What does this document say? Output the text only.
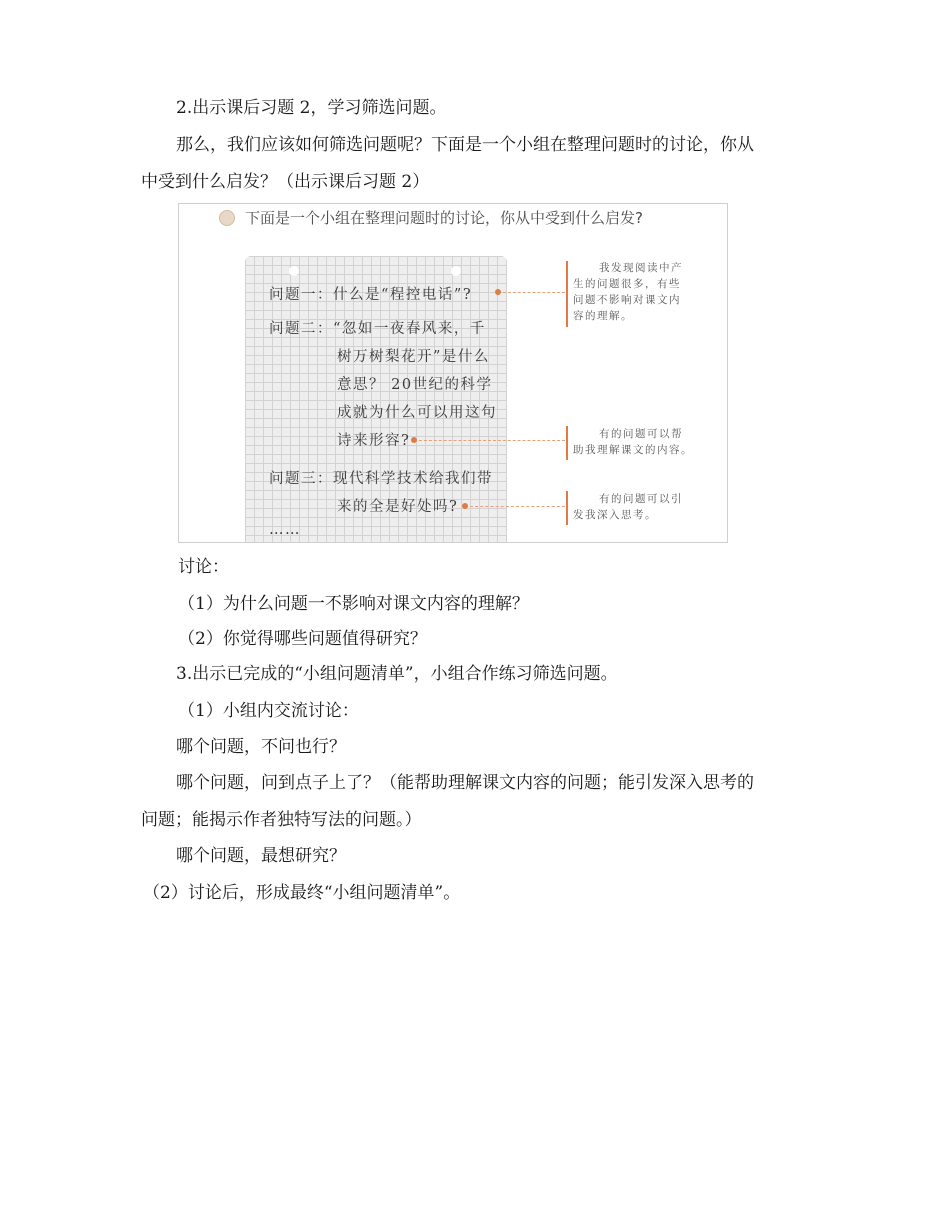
2.出示课后习题 2，学习筛选问题。
那么，我们应该如何筛选问题呢？下面是一个小组在整理问题时的讨论，你从
中受到什么启发？（出示课后习题 2）
下面是一个小组在整理问题时的讨论，你从中受到什么启发?
问题一：什么是“程控电话”?
问题二：“忽如一夜春风来，千
树万树梨花开”是什么
意思？ 20世纪的科学
成就为什么可以用这句
诗来形容?
问题三：现代科学技术给我们带
来的全是好处吗?
……
我发现阅读中产
生的问题很多，有些
问题不影响对课文内
容的理解。
有的问题可以帮
助我理解课文的内容。
有的问题可以引
发我深入思考。
讨论：
（1）为什么问题一不影响对课文内容的理解？
（2）你觉得哪些问题值得研究？
3.出示已完成的“小组问题清单”，小组合作练习筛选问题。
（1）小组内交流讨论：
哪个问题，不问也行？
哪个问题，问到点子上了？（能帮助理解课文内容的问题；能引发深入思考的
问题；能揭示作者独特写法的问题。）
哪个问题，最想研究？
（2）讨论后，形成最终“小组问题清单”。
